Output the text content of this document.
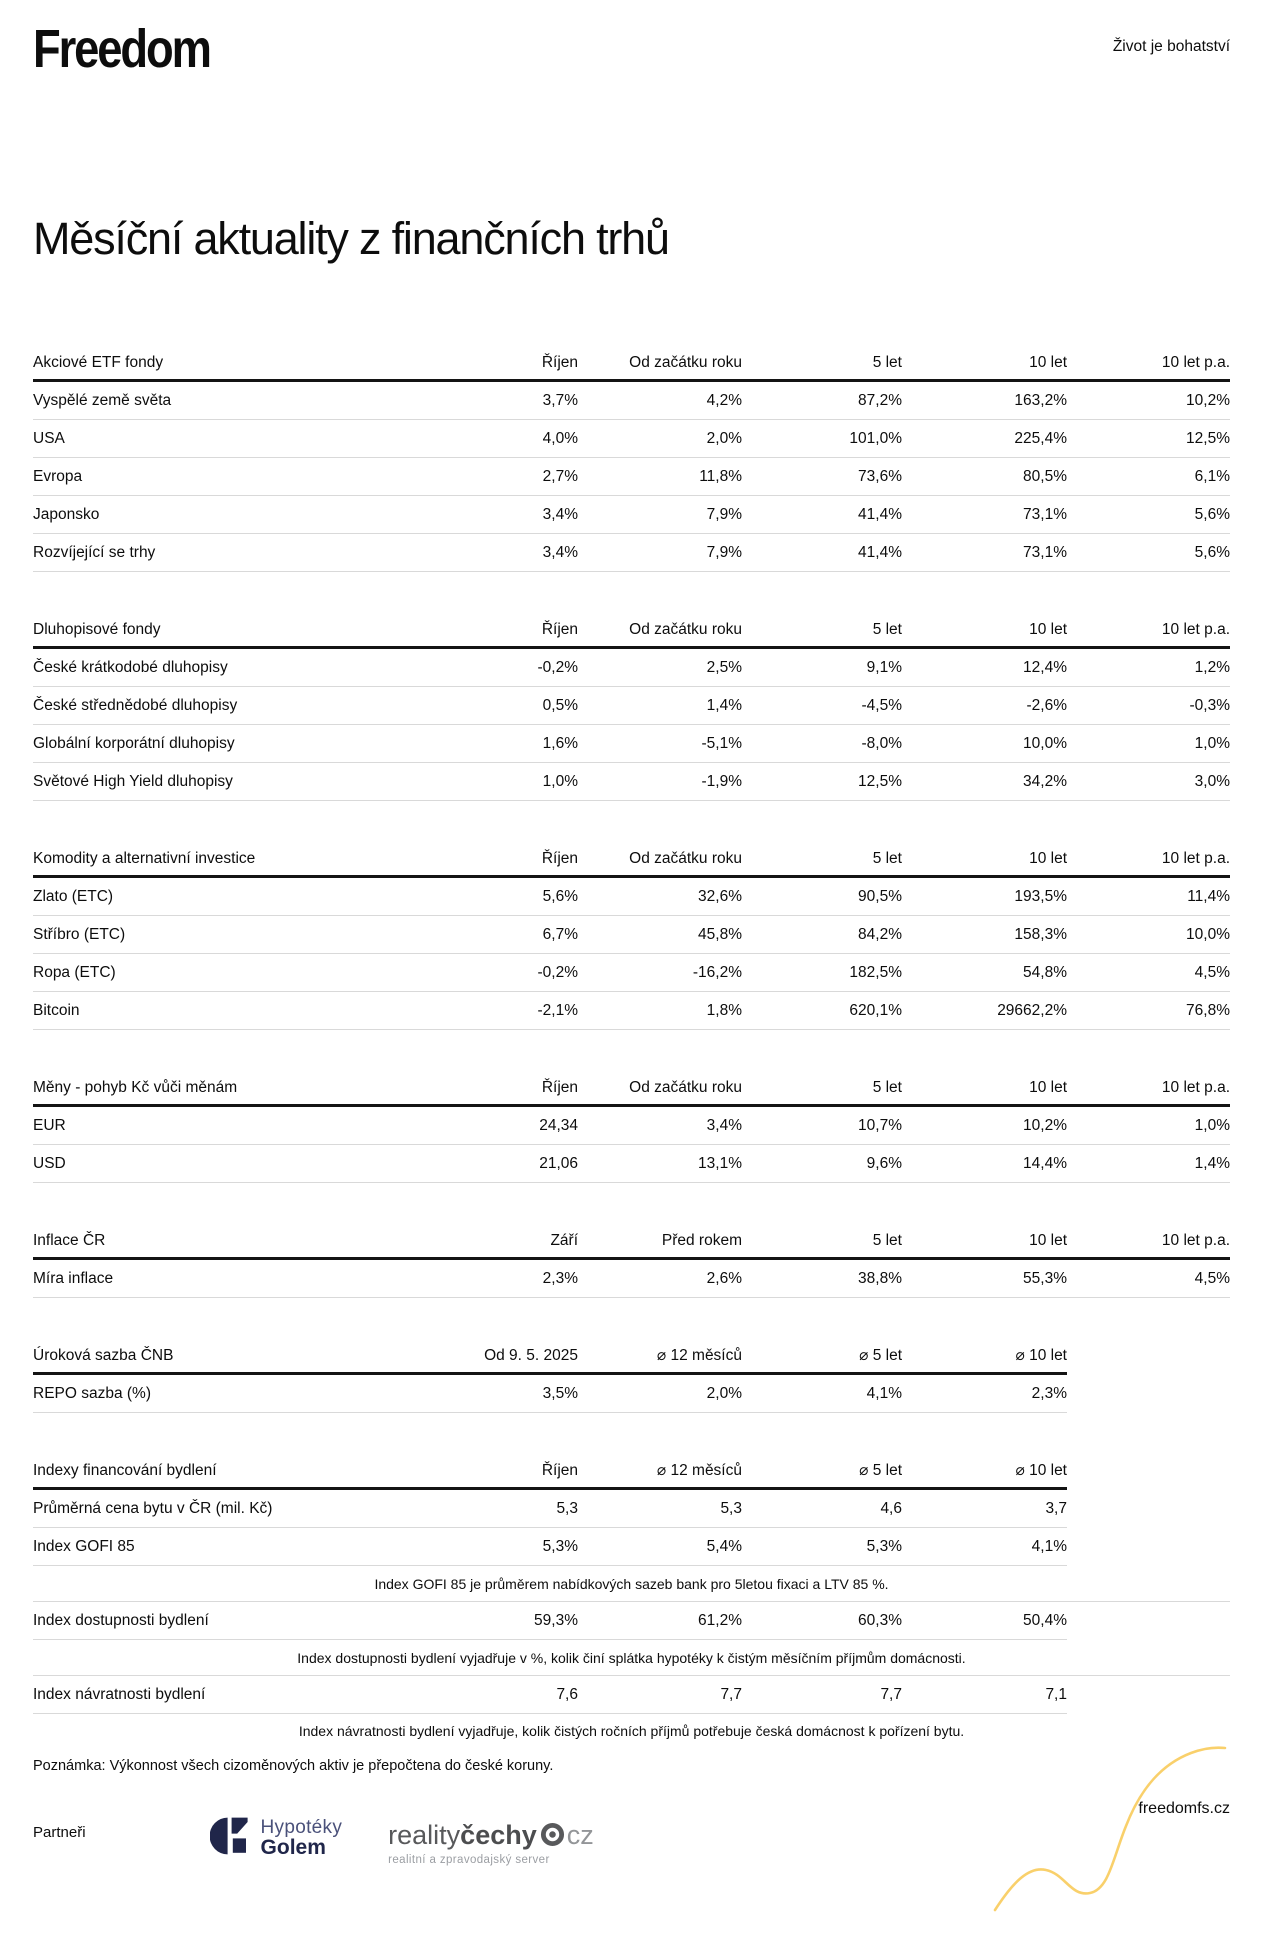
Freedom	Život je bohatství
Měsíční aktuality z finančních trhů
Akciové ETF fondy	Říjen	Od začátku roku	5 let	10 let	10 let p.a.
Vyspělé země světa	3,7%	4,2%	87,2%	163,2%	10,2%
USA	4,0%	2,0%	101,0%	225,4%	12,5%
Evropa	2,7%	11,8%	73,6%	80,5%	6,1%
Japonsko	3,4%	7,9%	41,4%	73,1%	5,6%
Rozvíjející se trhy	3,4%	7,9%	41,4%	73,1%	5,6%
Dluhopisové fondy	Říjen	Od začátku roku	5 let	10 let	10 let p.a.
České krátkodobé dluhopisy	-0,2%	2,5%	9,1%	12,4%	1,2%
České střednědobé dluhopisy	0,5%	1,4%	-4,5%	-2,6%	-0,3%
Globální korporátní dluhopisy	1,6%	-5,1%	-8,0%	10,0%	1,0%
Světové High Yield dluhopisy	1,0%	-1,9%	12,5%	34,2%	3,0%
Komodity a alternativní investice	Říjen	Od začátku roku	5 let	10 let	10 let p.a.
Zlato (ETC)	5,6%	32,6%	90,5%	193,5%	11,4%
Stříbro (ETC)	6,7%	45,8%	84,2%	158,3%	10,0%
Ropa (ETC)	-0,2%	-16,2%	182,5%	54,8%	4,5%
Bitcoin	-2,1%	1,8%	620,1%	29662,2%	76,8%
Měny - pohyb Kč vůči měnám	Říjen	Od začátku roku	5 let	10 let	10 let p.a.
EUR	24,34	3,4%	10,7%	10,2%	1,0%
USD	21,06	13,1%	9,6%	14,4%	1,4%
Inflace ČR	Září	Před rokem	5 let	10 let	10 let p.a.
Míra inflace	2,3%	2,6%	38,8%	55,3%	4,5%
Úroková sazba ČNB	Od 9. 5. 2025	⌀ 12 měsíců	⌀ 5 let	⌀ 10 let
REPO sazba (%)	3,5%	2,0%	4,1%	2,3%
Indexy financování bydlení	Říjen	⌀ 12 měsíců	⌀ 5 let	⌀ 10 let
Průměrná cena bytu v ČR (mil. Kč)	5,3	5,3	4,6	3,7
Index GOFI 85	5,3%	5,4%	5,3%	4,1%
Index GOFI 85 je průměrem nabídkových sazeb bank pro 5letou fixaci a LTV 85 %.
Index dostupnosti bydlení	59,3%	61,2%	60,3%	50,4%
Index dostupnosti bydlení vyjadřuje v %, kolik činí splátka hypotéky k čistým měsíčním příjmům domácnosti.
Index návratnosti bydlení	7,6	7,7	7,7	7,1
Index návratnosti bydlení vyjadřuje, kolik čistých ročních příjmů potřebuje česká domácnost k pořízení bytu.
Poznámka: Výkonnost všech cizoměnových aktiv je přepočtena do české koruny.
Partneři	Hypotéky
Golem	reality čechy cz
realitní a zpravodajský server
freedomfs.cz
